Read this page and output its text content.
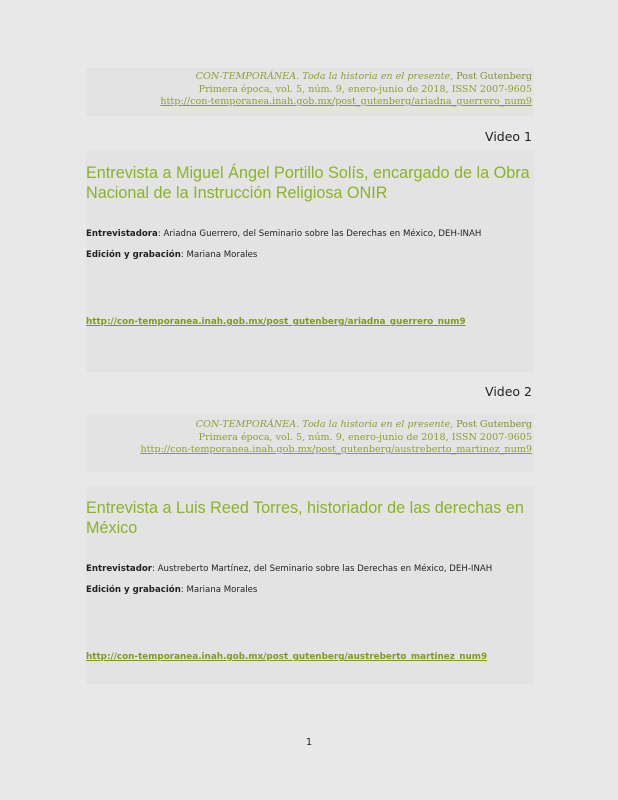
CON-TEMPORÁNEA. Toda la historia en el presente, Post Gutenberg
Primera época, vol. 5, núm. 9, enero-junio de 2018, ISSN 2007-9605
http://con-temporanea.inah.gob.mx/post_gutenberg/ariadna_guerrero_num9
Video 1
Entrevista a Miguel Ángel Portillo Solís, encargado de la Obra
Nacional de la Instrucción Religiosa ONIR
Entrevistadora: Ariadna Guerrero, del Seminario sobre las Derechas en México, DEH-INAH
Edición y grabación: Mariana Morales
http://con-temporanea.inah.gob.mx/post_gutenberg/ariadna_guerrero_num9
Video 2
CON-TEMPORÁNEA. Toda la historia en el presente, Post Gutenberg
Primera época, vol. 5, núm. 9, enero-junio de 2018, ISSN 2007-9605
http://con-temporanea.inah.gob.mx/post_gutenberg/austreberto_martinez_num9
Entrevista a Luis Reed Torres, historiador de las derechas en
México
Entrevistador: Austreberto Martínez, del Seminario sobre las Derechas en México, DEH-INAH
Edición y grabación: Mariana Morales
http://con-temporanea.inah.gob.mx/post_gutenberg/austreberto_martinez_num9
1
